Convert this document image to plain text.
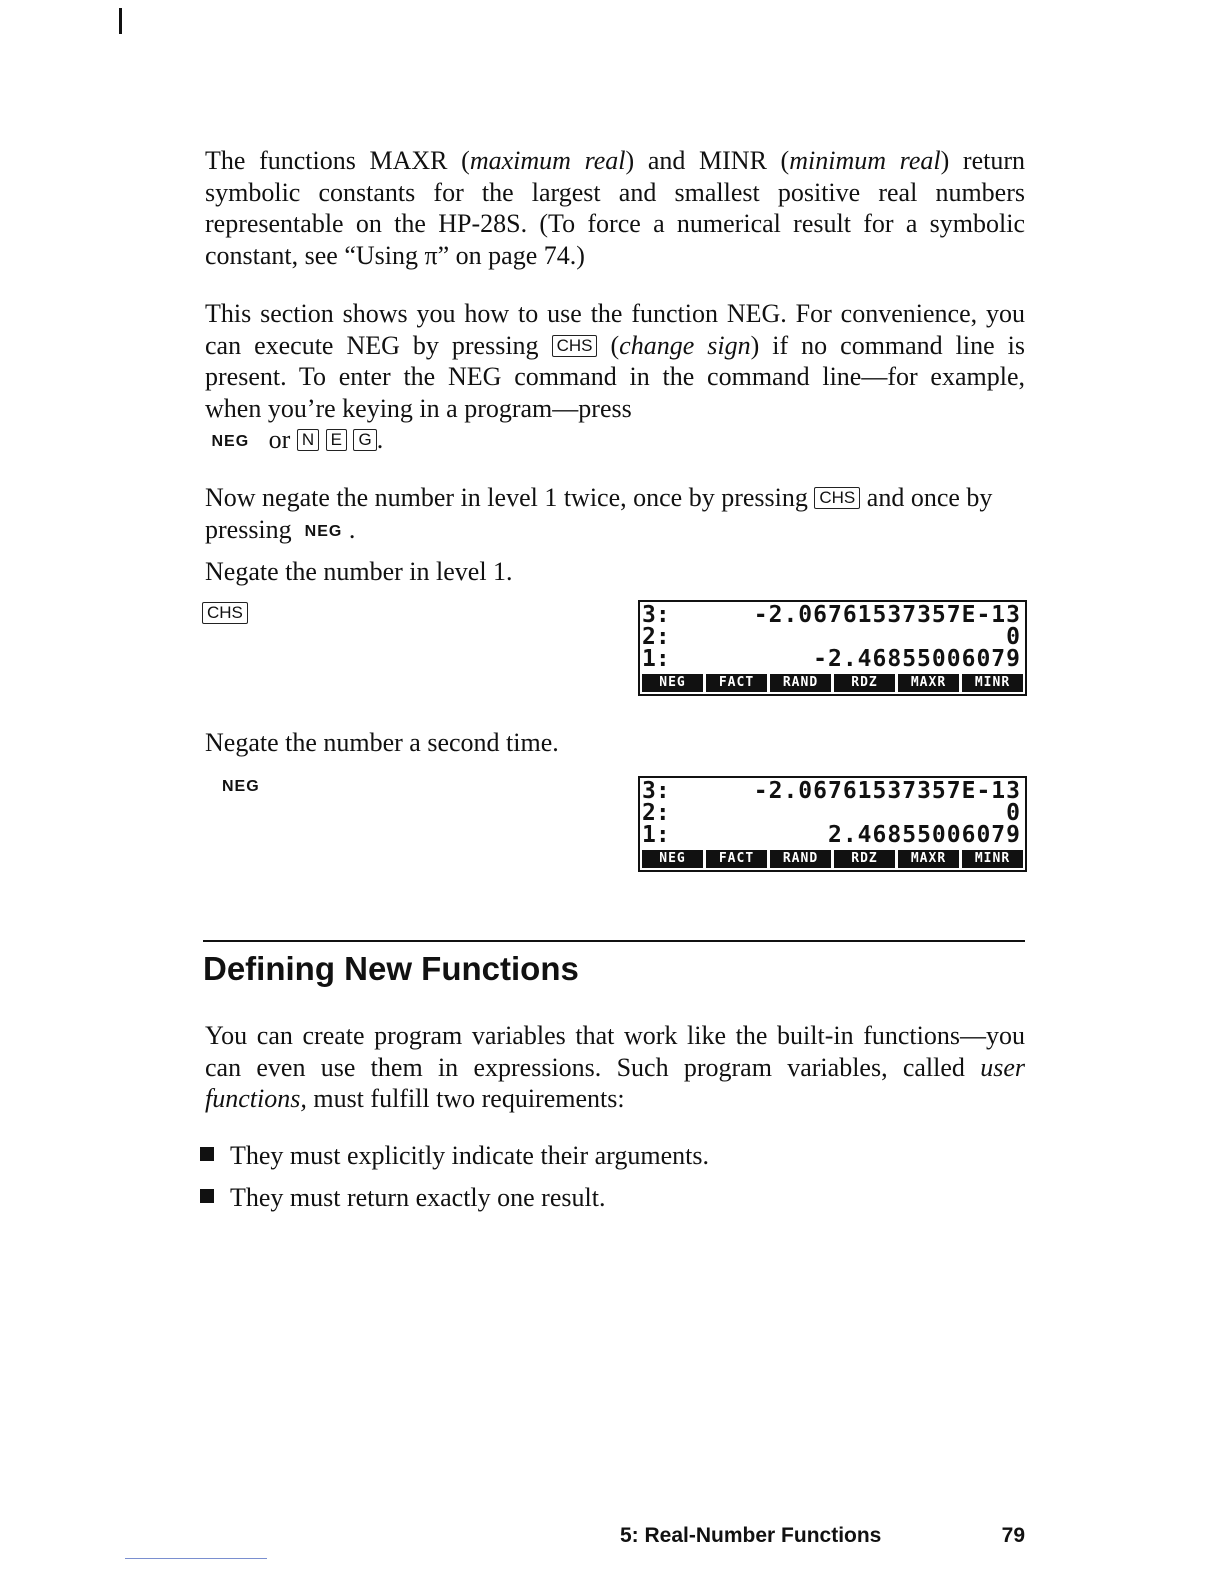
The functions MAXR (maximum real) and MINR (minimum real) return symbolic constants for the largest and smallest positive real numbers representable on the HP-28S. (To force a numerical result for a symbolic constant, see “Using π” on page 74.)

This section shows you how to use the function NEG. For convenience, you can execute NEG by pressing CHS (change sign) if no command line is present. To enter the NEG command in the command line—for example, when you’re keying in a program—press
NEG or N E G .

Now negate the number in level 1 twice, once by pressing CHS and once by pressing  NEG .

Negate the number in level 1.

CHS	3:	-2.06761537357E-13
2:	0
1:	-2.46855006079
NEG	FACT	RAND	RDZ	MAXR	MINR

Negate the number a second time.

NEG	3:	-2.06761537357E-13
2:	0
1:	2.46855006079
NEG	FACT	RAND	RDZ	MAXR	MINR
Defining New Functions

You can create program variables that work like the built-in functions—you can even use them in expressions. Such program variables, called user functions, must fulfill two requirements:

They must explicitly indicate their arguments.
They must return exactly one result.
5: Real-Number Functions	79
